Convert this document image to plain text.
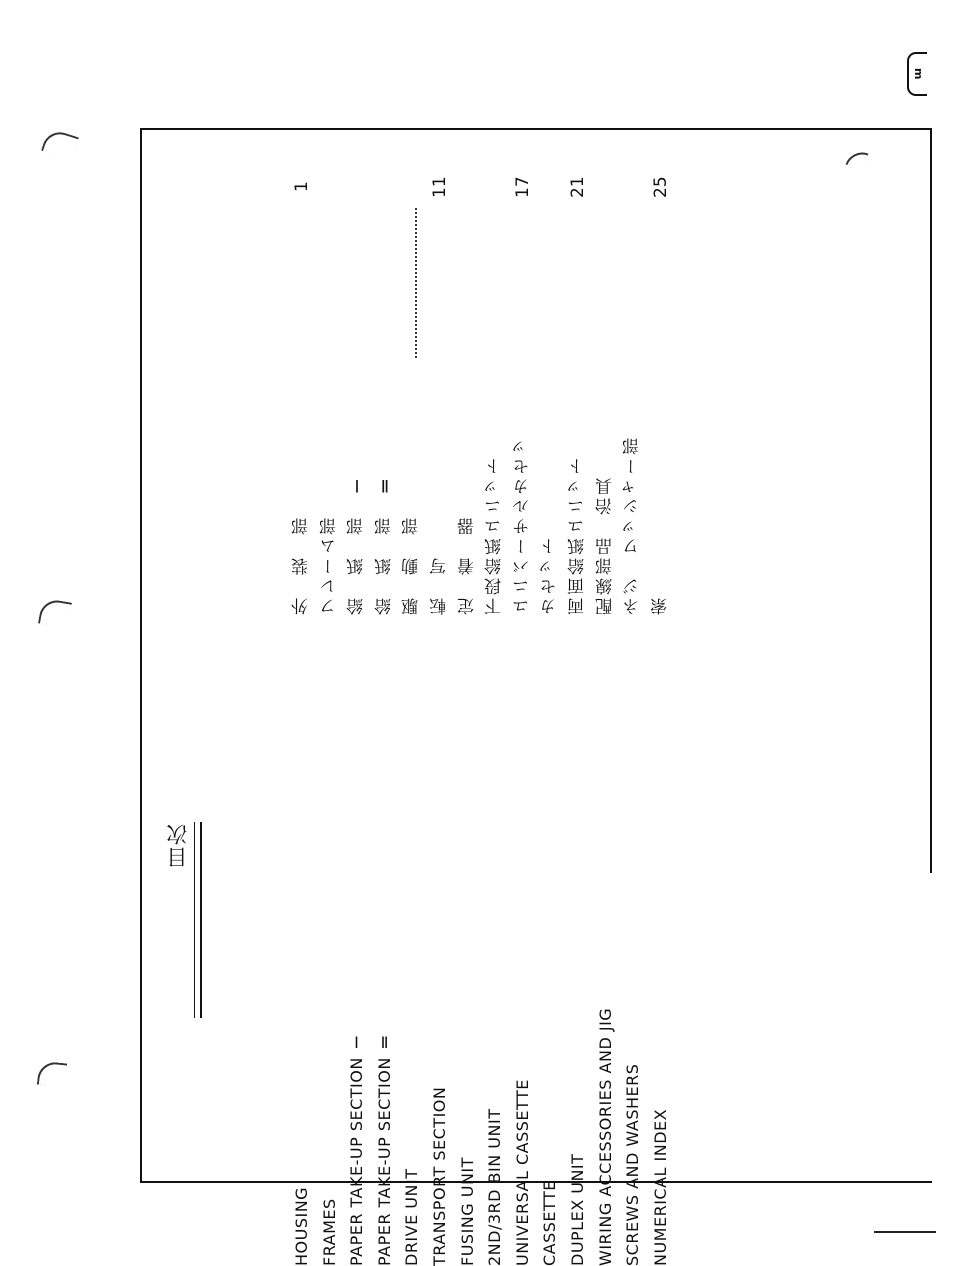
m
目次
HOUSING
外　装　部
1
FRAMES
フレーム部
PAPER TAKE-UP SECTION Ⅰ
給　紙　部　Ⅰ
PAPER TAKE-UP SECTION Ⅱ
給　紙　部　Ⅱ
DRIVE UNIT
駆　動　部
TRANSPORT SECTION
転　写
11
FUSING UNIT
定　着　器
2ND/3RD BIN UNIT
下段給紙ユニット
UNIVERSAL CASSETTE
ユニバーサルカセッ
17
CASSETTE
カセット
DUPLEX UNIT
両面給紙ユニット
21
WIRING ACCESSORIES AND JIG
配線部品　治具
SCREWS AND WASHERS
ネジ　ワッシャー部
NUMERICAL INDEX
索
25
